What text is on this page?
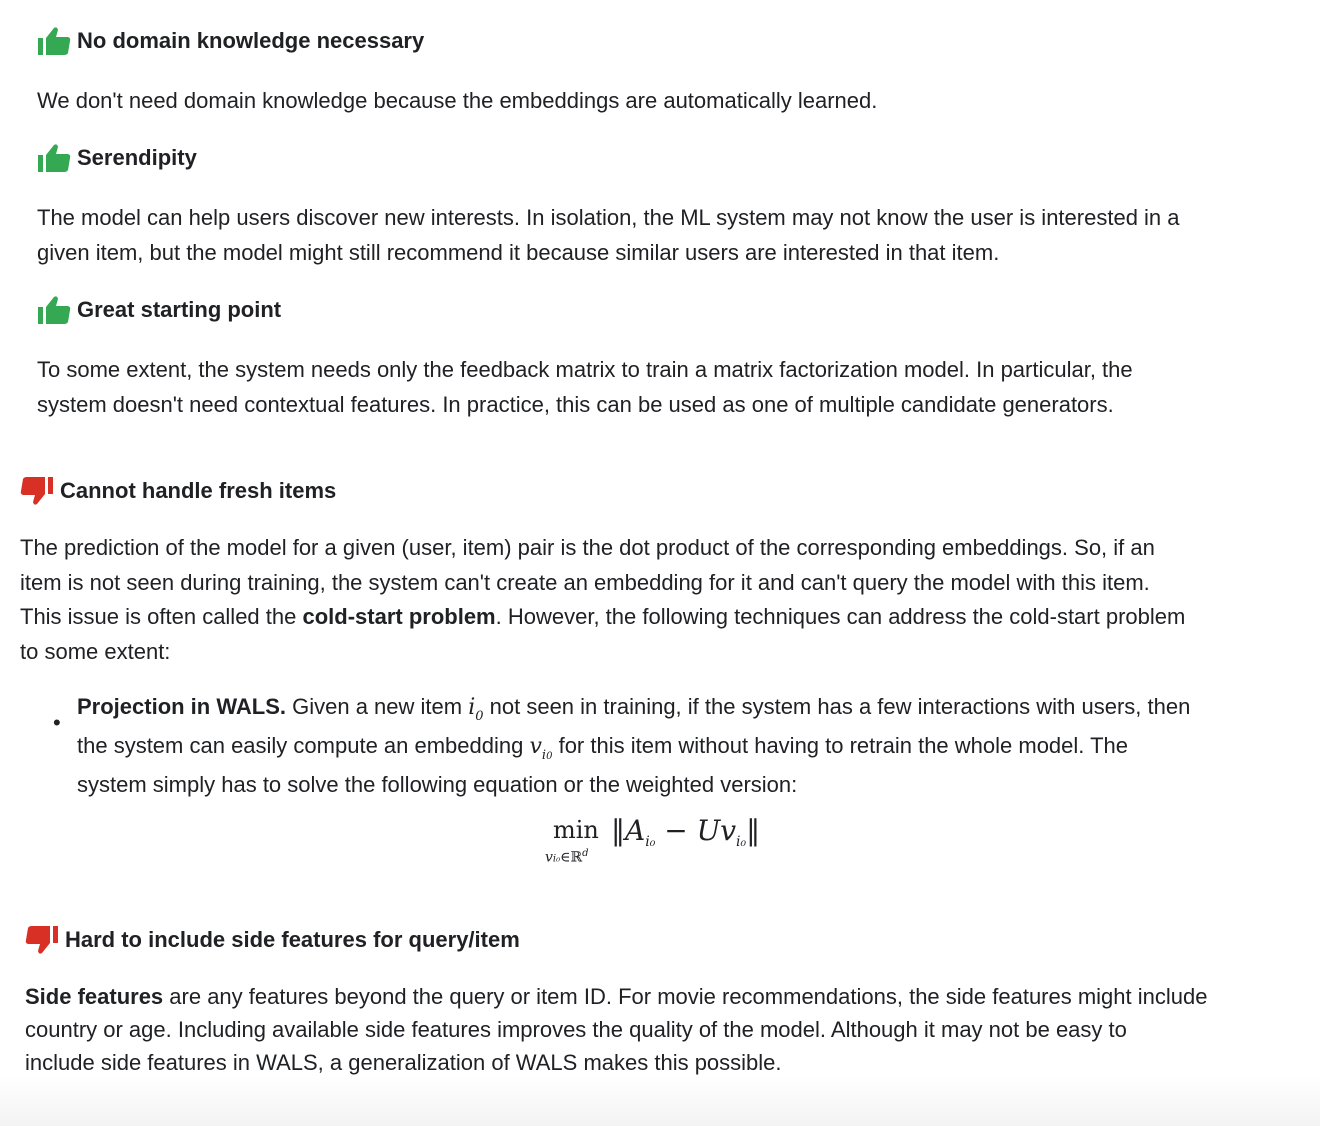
No domain knowledge necessary

We don't need domain knowledge because the embeddings are automatically learned.

Serendipity

The model can help users discover new interests. In isolation, the ML system may not know the user is interested in a
given item, but the model might still recommend it because similar users are interested in that item.

Great starting point

To some extent, the system needs only the feedback matrix to train a matrix factorization model. In particular, the
system doesn't need contextual features. In practice, this can be used as one of multiple candidate generators.

Cannot handle fresh items

The prediction of the model for a given (user, item) pair is the dot product of the corresponding embeddings. So, if an
item is not seen during training, the system can't create an embedding for it and can't query the model with this item.
This issue is often called the cold-start problem. However, the following techniques can address the cold-start problem
to some extent:

•

Projection in WALS. Given a new item $i_0$ not seen in training, if the system has a few interactions with users, then
the system can easily compute an embedding $v_{i0}$ for this item without having to retrain the whole model. The
system simply has to solve the following equation or the weighted version:

min
vi₀∈ℝ$^d$
$‖A_{i_0}$ − $Uv_{i_0}‖$
Hard to include side features for query/item

Side features are any features beyond the query or item ID. For movie recommendations, the side features might include
country or age. Including available side features improves the quality of the model. Although it may not be easy to
include side features in WALS, a generalization of WALS makes this possible.
